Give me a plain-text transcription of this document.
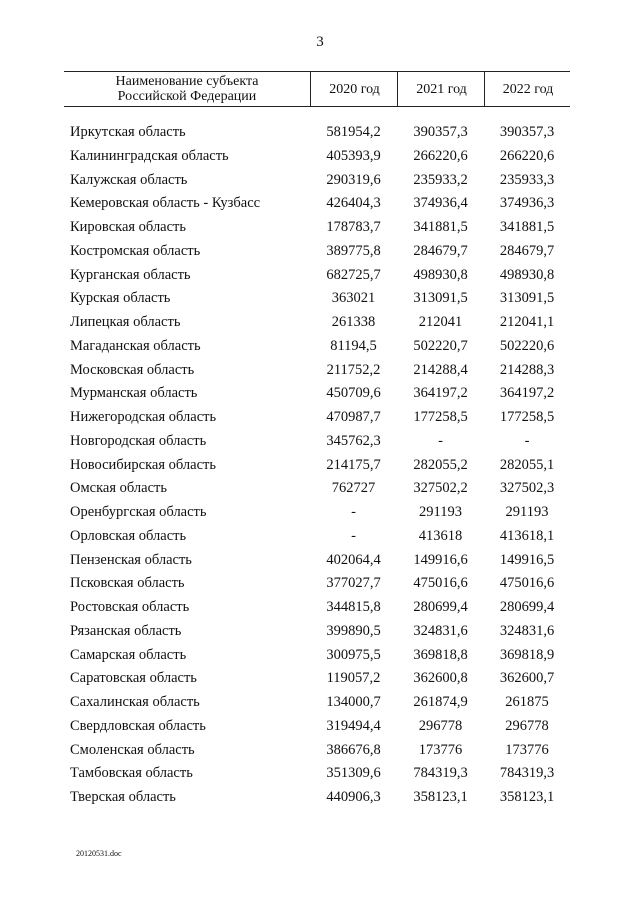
3
Наименование субъекта
Российской Федерации	2020 год	2021 год	2022 год
Иркутская область	581954,2	390357,3	390357,3
Калининградская область	405393,9	266220,6	266220,6
Калужская область	290319,6	235933,2	235933,3
Кемеровская область - Кузбасс	426404,3	374936,4	374936,3
Кировская область	178783,7	341881,5	341881,5
Костромская область	389775,8	284679,7	284679,7
Курганская область	682725,7	498930,8	498930,8
Курская область	363021	313091,5	313091,5
Липецкая область	261338	212041	212041,1
Магаданская область	81194,5	502220,7	502220,6
Московская область	211752,2	214288,4	214288,3
Мурманская область	450709,6	364197,2	364197,2
Нижегородская область	470987,7	177258,5	177258,5
Новгородская область	345762,3	-	-
Новосибирская область	214175,7	282055,2	282055,1
Омская область	762727	327502,2	327502,3
Оренбургская область	-	291193	291193
Орловская область	-	413618	413618,1
Пензенская область	402064,4	149916,6	149916,5
Псковская область	377027,7	475016,6	475016,6
Ростовская область	344815,8	280699,4	280699,4
Рязанская область	399890,5	324831,6	324831,6
Самарская область	300975,5	369818,8	369818,9
Саратовская область	119057,2	362600,8	362600,7
Сахалинская область	134000,7	261874,9	261875
Свердловская область	319494,4	296778	296778
Смоленская область	386676,8	173776	173776
Тамбовская область	351309,6	784319,3	784319,3
Тверская область	440906,3	358123,1	358123,1
20120531.doc
